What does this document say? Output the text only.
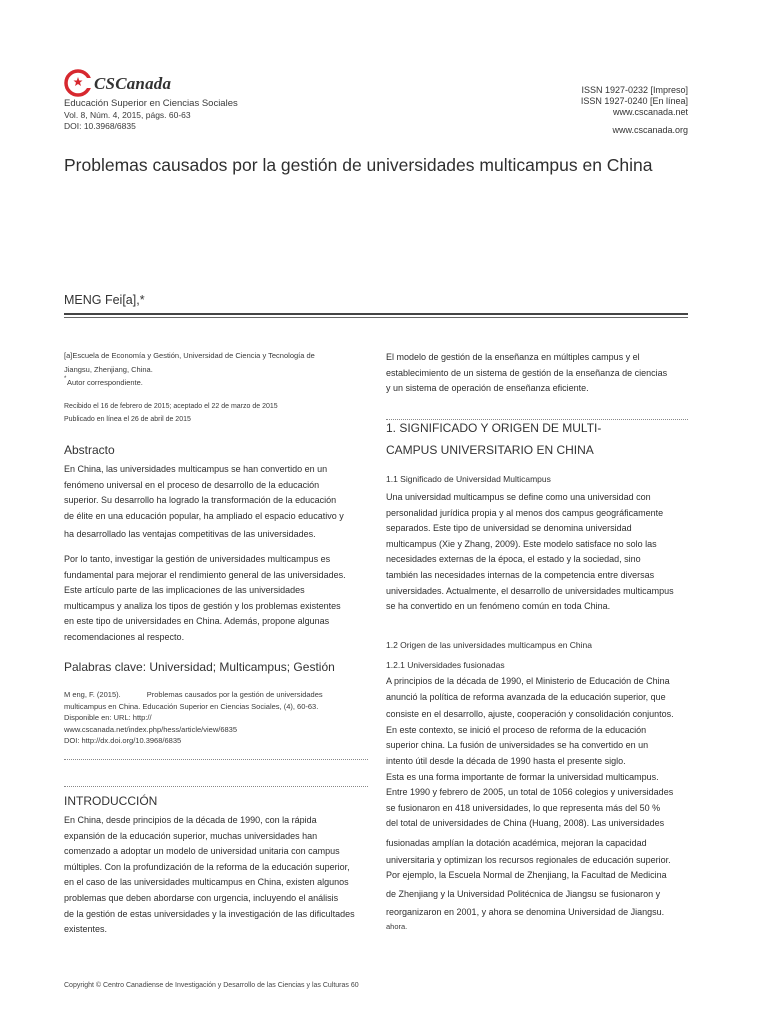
CSCanada
Educación Superior en Ciencias Sociales
Vol. 8, Núm. 4, 2015, págs. 60-63
DOI: 10.3968/6835
ISSN 1927-0232 [Impreso]
ISSN 1927-0240 [En línea]
www.cscanada.net
www.cscanada.org
Problemas causados por la gestión de universidades multicampus en China
MENG Fei[a],*
[a]Escuela de Economía y Gestión, Universidad de Ciencia y Tecnología de
Jiangsu, Zhenjiang, China.
* Autor correspondiente.
Recibido el 16 de febrero de 2015; aceptado el 22 de marzo de 2015
Publicado en línea el 26 de abril de 2015
Abstracto
En China, las universidades multicampus se han convertido en un
fenómeno universal en el proceso de desarrollo de la educación
superior. Su desarrollo ha logrado la transformación de la educación
de élite en una educación popular, ha ampliado el espacio educativo y
ha desarrollado las ventajas competitivas de las universidades.
Por lo tanto, investigar la gestión de universidades multicampus es
fundamental para mejorar el rendimiento general de las universidades.
Este artículo parte de las implicaciones de las universidades
multicampus y analiza los tipos de gestión y los problemas existentes
en este tipo de universidades en China. Además, propone algunas
recomendaciones al respecto.
Palabras clave: Universidad; Multicampus; Gestión
M eng, F. (2015).	Problemas causados por la gestión de universidades
multicampus en China. Educación Superior en Ciencias Sociales, (4), 60-63.
Disponible en: URL: http://
www.cscanada.net/index.php/hess/article/view/6835
DOI: http://dx.doi.org/10.3968/6835
INTRODUCCIÓN
En China, desde principios de la década de 1990, con la rápida
expansión de la educación superior, muchas universidades han
comenzado a adoptar un modelo de universidad unitaria con campus
múltiples. Con la profundización de la reforma de la educación superior,
en el caso de las universidades multicampus en China, existen algunos
problemas que deben abordarse con urgencia, incluyendo el análisis
de la gestión de estas universidades y la investigación de las dificultades
existentes.
El modelo de gestión de la enseñanza en múltiples campus y el
establecimiento de un sistema de gestión de la enseñanza de ciencias
y un sistema de operación de enseñanza eficiente.
1. SIGNIFICADO Y ORIGEN DE MULTI-
CAMPUS UNIVERSITARIO EN CHINA
1.1 Significado de Universidad Multicampus
Una universidad multicampus se define como una universidad con
personalidad jurídica propia y al menos dos campus geográficamente
separados. Este tipo de universidad se denomina universidad
multicampus (Xie y Zhang, 2009). Este modelo satisface no solo las
necesidades externas de la época, el estado y la sociedad, sino
también las necesidades internas de la competencia entre diversas
universidades. Actualmente, el desarrollo de universidades multicampus
se ha convertido en un fenómeno común en toda China.
1.2 Origen de las universidades multicampus en China
1.2.1 Universidades fusionadas
A principios de la década de 1990, el Ministerio de Educación de China
anunció la política de reforma avanzada de la educación superior, que
consiste en el desarrollo, ajuste, cooperación y consolidación conjuntos.
En este contexto, se inició el proceso de reforma de la educación
superior china. La fusión de universidades se ha convertido en un
intento útil desde la década de 1990 hasta el presente siglo.
Esta es una forma importante de formar la universidad multicampus.
Entre 1990 y febrero de 2005, un total de 1056 colegios y universidades
se fusionaron en 418 universidades, lo que representa más del 50 %
del total de universidades de China (Huang, 2008). Las universidades
fusionadas amplían la dotación académica, mejoran la capacidad
universitaria y optimizan los recursos regionales de educación superior.
Por ejemplo, la Escuela Normal de Zhenjiang, la Facultad de Medicina
de Zhenjiang y la Universidad Politécnica de Jiangsu se fusionaron y
reorganizaron en 2001, y ahora se denomina Universidad de Jiangsu.
ahora.
Copyright © Centro Canadiense de Investigación y Desarrollo de las Ciencias y las Culturas 60
